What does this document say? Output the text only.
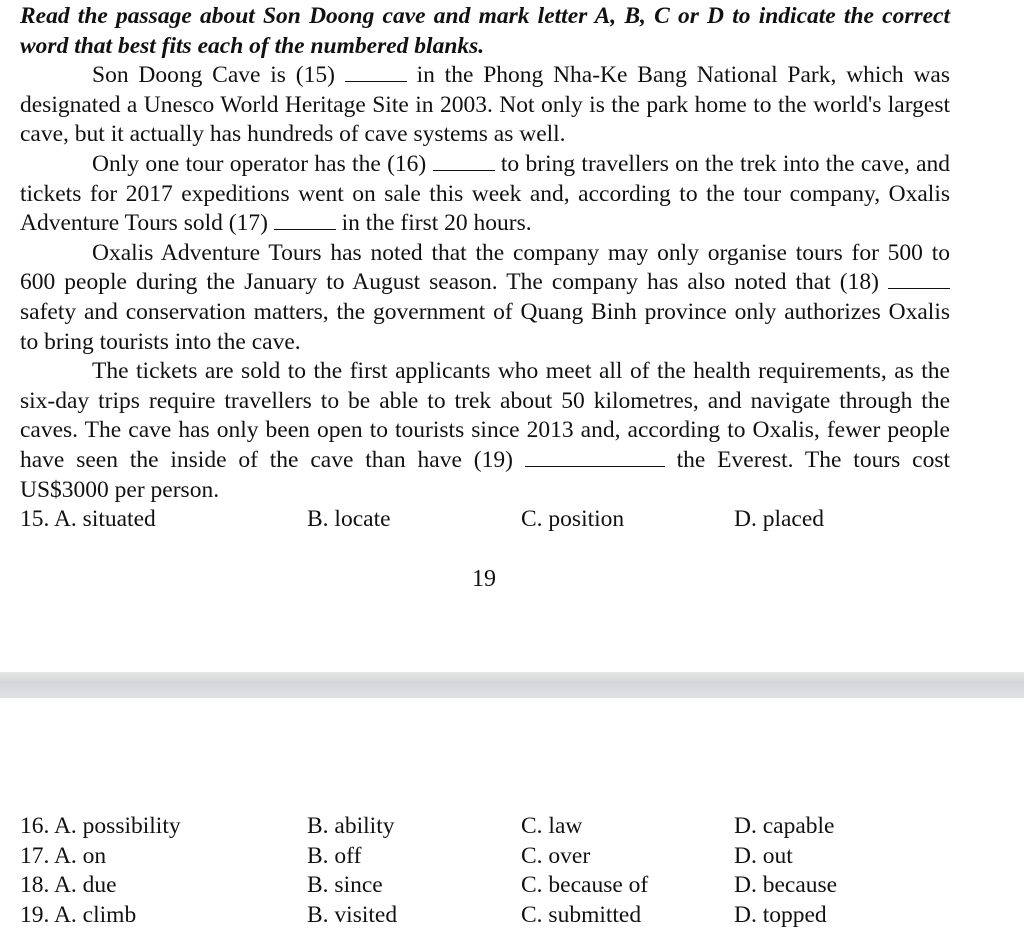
Read the passage about Son Doong cave and mark letter A, B, C or D to indicate the correct word that best fits each of the numbered blanks.

Son Doong Cave is (15)	in the Phong Nha-Ke Bang National Park, which was designated a Unesco World Heritage Site in 2003. Not only is the park home to the world's largest cave, but it actually has hundreds of cave systems as well.

Only one tour operator has the (16)	to bring travellers on the trek into the cave, and tickets for 2017 expeditions went on sale this week and, according to the tour company, Oxalis Adventure Tours sold (17)	in the first 20 hours.

Oxalis Adventure Tours has noted that the company may only organise tours for 500 to 600 people during the January to August season. The company has also noted that (18)  safety and conservation matters, the government of Quang Binh province only authorizes Oxalis to bring tourists into the cave.

The tickets are sold to the first applicants who meet all of the health requirements, as the six-day trips require travellers to be able to trek about 50 kilometres, and navigate through the caves. The cave has only been open to tourists since 2013 and, according to Oxalis, fewer people have seen the inside of the cave than have (19)	the Everest. The tours cost US$3000 per person.

15. A. situated	B. locate	C. position	D. placed
19
16. A. possibility	B. ability	C. law	D. capable
17. A. on	B. off	C. over	D. out
18. A. due	B. since	C. because of	D. because
19. A. climb	B. visited	C. submitted	D. topped
